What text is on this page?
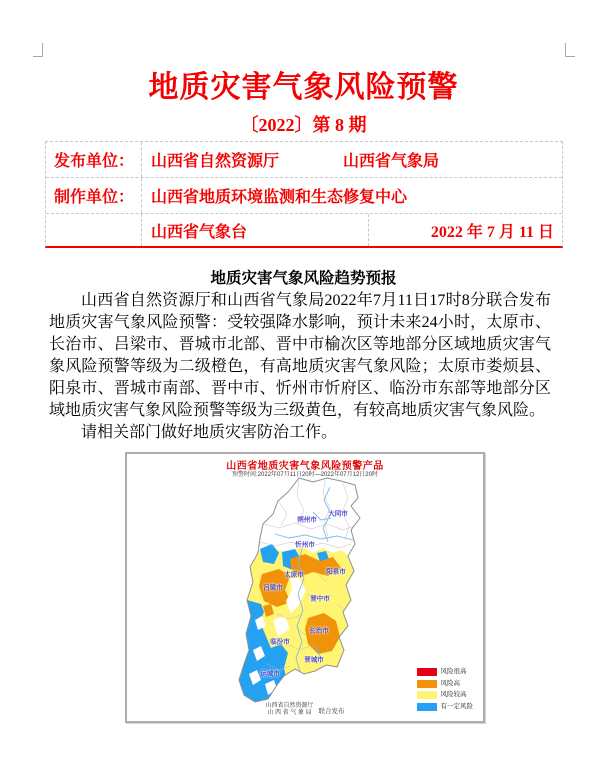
地质灾害气象风险预警
〔2022〕第 8 期
发布单位：	山西省自然资源厅　　　　山西省气象局
制作单位：	山西省地质环境监测和生态修复中心
山西省气象台	2022 年 7 月 11 日
地质灾害气象风险趋势预报

山西省自然资源厅和山西省气象局2022年7月11日17时8分联合发布地质灾害气象风险预警：受较强降水影响，预计未来24小时，太原市、长治市、吕梁市、晋城市北部、晋中市榆次区等地部分区域地质灾害气象风险预警等级为二级橙色，有高地质灾害气象风险；太原市娄烦县、阳泉市、晋城市南部、晋中市、忻州市忻府区、临汾市东部等地部分区域地质灾害气象风险预警等级为三级黄色，有较高地质灾害气象风险。

请相关部门做好地质灾害防治工作。

山西省地质灾害气象风险预警产品
预警时间:2022年07月11日20时—2022年07月12日20时
大同市
朔州市
忻州市
太原市	阳泉市
吕梁市
晋中市
长治市
临汾市
晋城市
运城市	风险很高
风险高
风险较高
有一定风险
山西省自然资源厅
山 西 省 气 象 局 联合发布
